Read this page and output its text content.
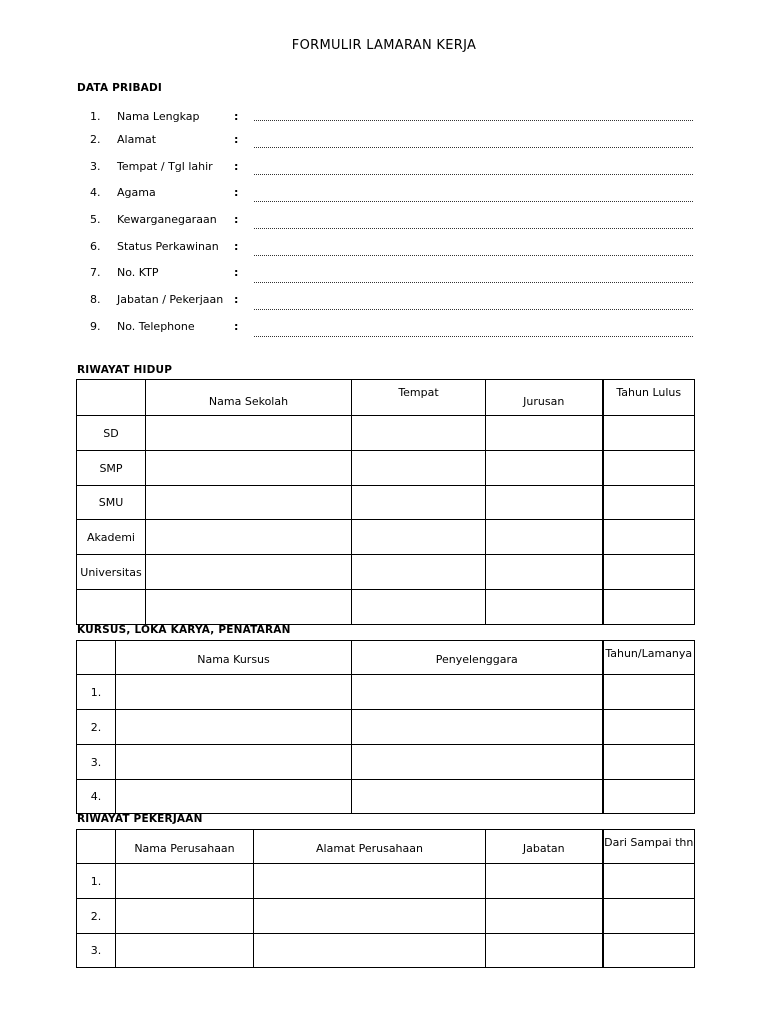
FORMULIR LAMARAN KERJA
DATA PRIBADI
1. Nama Lengkap	:
2. Alamat	:
3. Tempat / Tgl lahir :
4. Agama	:
5. Kewarganegaraan :
6. Status Perkawinan :
7. No. KTP	:
8. Jabatan / Pekerjaan :
9. No. Telephone	:
RIWAYAT HIDUP

	Nama Sekolah	Tempat	Jurusan	Tahun Lulus

SD				
SMP				
SMU				
Akademi				
Universitas				

KURSUS, LOKA KARYA, PENATARAN

	Nama Kursus	Penyelenggara	Tahun/Lamanya

1.			
2.			
3.			
4.			
RIWAYAT PEKERJAAN

	Nama Perusahaan	Alamat Perusahaan	Jabatan	Dari Sampai thn

1.				
2.				
3.				
